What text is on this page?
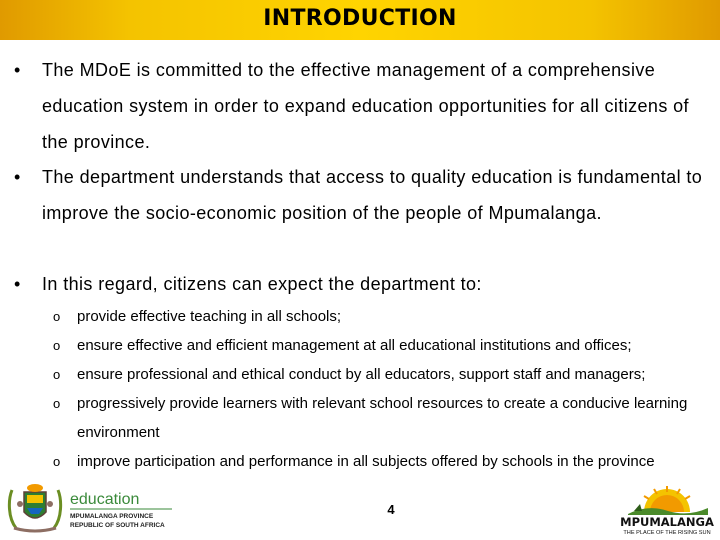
INTRODUCTION
•	The MDoE is committed to the effective management of a comprehensive education system in order to expand education opportunities for all citizens of the province.
•	The department understands that access to quality education is fundamental to improve the socio-economic position of the people of Mpumalanga.
•	In this regard, citizens can expect the department to:
o provide effective teaching in all schools;
o ensure effective and efficient management at all educational institutions and offices;
o ensure professional and ethical conduct by all educators, support staff and managers;
o progressively provide learners with relevant school resources to create a conducive learning environment
o improve participation and performance in all subjects offered by schools in the province
4
education
MPUMALANGA PROVINCE
REPUBLIC OF SOUTH AFRICA	MPUMALANGA
THE PLACE OF THE RISING SUN
